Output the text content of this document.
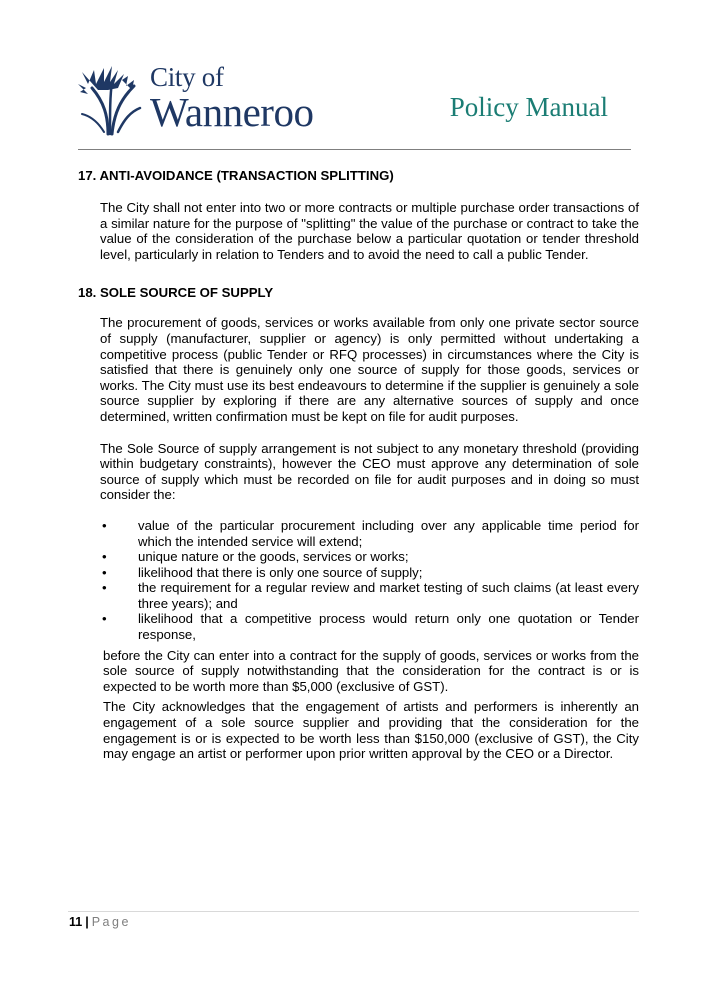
City of
Wanneroo	Policy Manual
17. ANTI-AVOIDANCE (TRANSACTION SPLITTING)

The City shall not enter into two or more contracts or multiple purchase order transactions of a similar nature for the purpose of "splitting" the value of the purchase or contract to take the value of the consideration of the purchase below a particular quotation or tender threshold level, particularly in relation to Tenders and to avoid the need to call a public Tender.

18. SOLE SOURCE OF SUPPLY

The procurement of goods, services or works available from only one private sector source of supply (manufacturer, supplier or agency) is only permitted without undertaking a competitive process (public Tender or RFQ processes) in circumstances where the City is satisfied that there is genuinely only one source of supply for those goods, services or works. The City must use its best endeavours to determine if the supplier is genuinely a sole source supplier by exploring if there are any alternative sources of supply and once determined, written confirmation must be kept on file for audit purposes.

The Sole Source of supply arrangement is not subject to any monetary threshold (providing within budgetary constraints), however the CEO must approve any determination of sole source of supply which must be recorded on file for audit purposes and in doing so must consider the:

• value of the particular procurement including over any applicable time period for which the intended service will extend;
• unique nature or the goods, services or works;
• likelihood that there is only one source of supply;
• the requirement for a regular review and market testing of such claims (at least every three years); and
• likelihood that a competitive process would return only one quotation or Tender response,

before the City can enter into a contract for the supply of goods, services or works from the sole source of supply notwithstanding that the consideration for the contract is or is expected to be worth more than $5,000 (exclusive of GST).

The City acknowledges that the engagement of artists and performers is inherently an engagement of a sole source supplier and providing that the consideration for the engagement is or is expected to be worth less than $150,000 (exclusive of GST), the City may engage an artist or performer upon prior written approval by the CEO or a Director.

11 | Page
